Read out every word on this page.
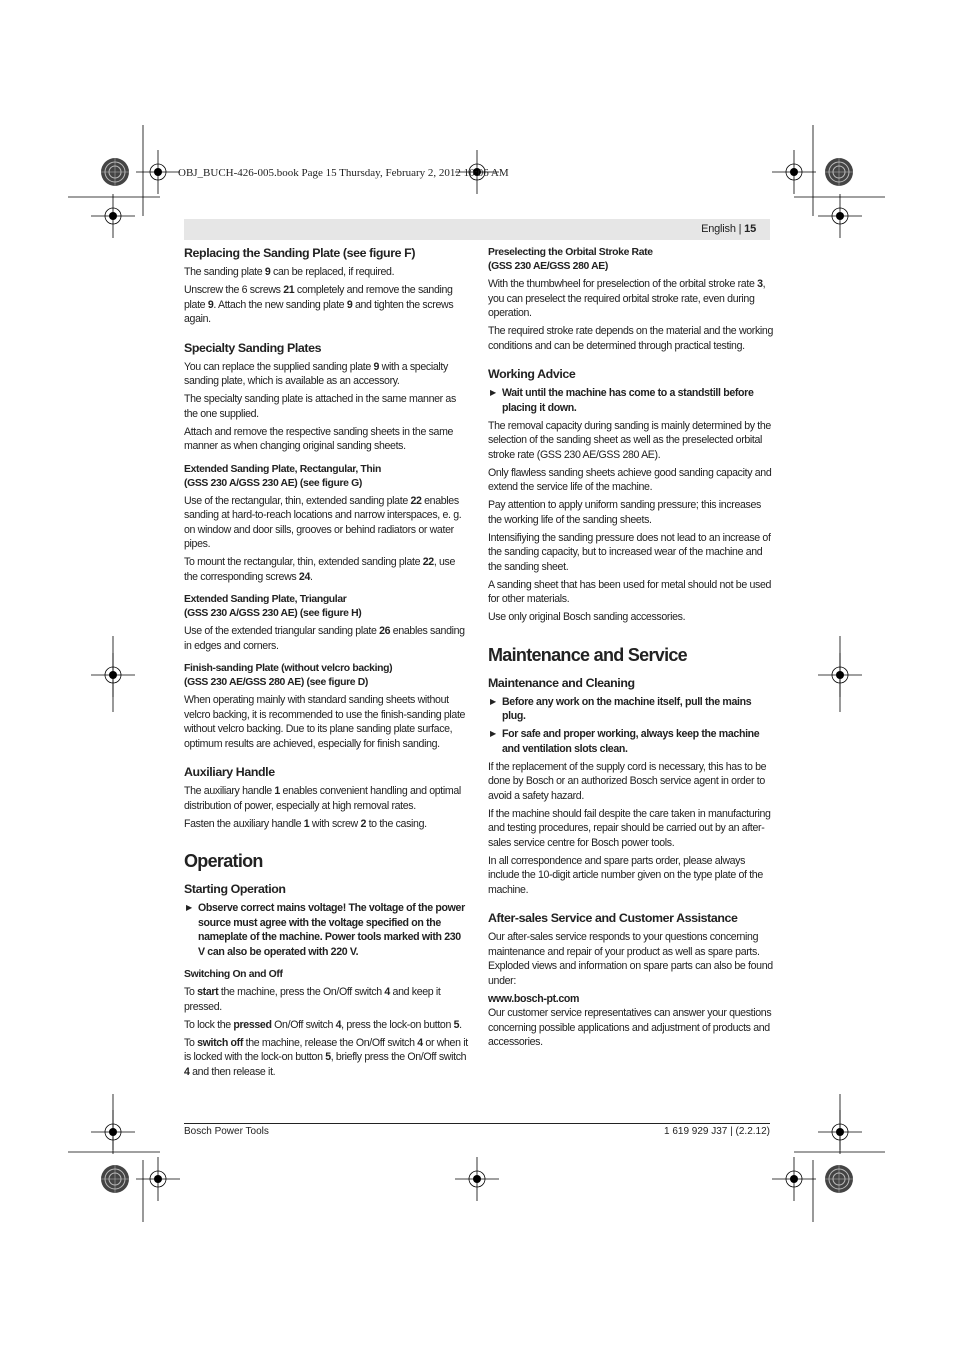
OBJ_BUCH-426-005.book Page 15 Thursday, February 2, 2012 10:06 AM
English | 15
Replacing the Sanding Plate (see figure F)

The sanding plate 9 can be replaced, if required.

Unscrew the 6 screws 21 completely and remove the sanding plate 9. Attach the new sanding plate 9 and tighten the screws again.

Specialty Sanding Plates

You can replace the supplied sanding plate 9 with a specialty sanding plate, which is available as an accessory.

The specialty sanding plate is attached in the same manner as the one supplied.

Attach and remove the respective sanding sheets in the same manner as when changing original sanding sheets.

Extended Sanding Plate, Rectangular, Thin
(GSS 230 A/GSS 230 AE) (see figure G)

Use of the rectangular, thin, extended sanding plate 22 enables sanding at hard-to-reach locations and narrow interspaces, e. g. on window and door sills, grooves or behind radiators or water pipes.

To mount the rectangular, thin, extended sanding plate 22, use the corresponding screws 24.

Extended Sanding Plate, Triangular
(GSS 230 A/GSS 230 AE) (see figure H)

Use of the extended triangular sanding plate 26 enables sanding in edges and corners.

Finish-sanding Plate (without velcro backing)
(GSS 230 AE/GSS 280 AE) (see figure D)

When operating mainly with standard sanding sheets without velcro backing, it is recommended to use the finish-sanding plate without velcro backing. Due to its plane sanding plate surface, optimum results are achieved, especially for finish sanding.

Auxiliary Handle

The auxiliary handle 1 enables convenient handling and optimal distribution of power, especially at high removal rates.

Fasten the auxiliary handle 1 with screw 2 to the casing.

Operation
Starting Operation

▶ Observe correct mains voltage! The voltage of the power source must agree with the voltage specified on the nameplate of the machine. Power tools marked with 230 V can also be operated with 220 V.

Switching On and Off

To start the machine, press the On/Off switch 4 and keep it pressed.

To lock the pressed On/Off switch 4, press the lock-on button 5.

To switch off the machine, release the On/Off switch 4 or when it is locked with the lock-on button 5, briefly press the On/Off switch 4 and then release it.

Preselecting the Orbital Stroke Rate
(GSS 230 AE/GSS 280 AE)

With the thumbwheel for preselection of the orbital stroke rate 3, you can preselect the required orbital stroke rate, even during operation.

The required stroke rate depends on the material and the working conditions and can be determined through practical testing.

Working Advice

▶ Wait until the machine has come to a standstill before placing it down.

The removal capacity during sanding is mainly determined by the selection of the sanding sheet as well as the preselected orbital stroke rate (GSS 230 AE/GSS 280 AE).

Only flawless sanding sheets achieve good sanding capacity and extend the service life of the machine.

Pay attention to apply uniform sanding pressure; this increases the working life of the sanding sheets.

Intensifiying the sanding pressure does not lead to an increase of the sanding capacity, but to increased wear of the machine and the sanding sheet.

A sanding sheet that has been used for metal should not be used for other materials.

Use only original Bosch sanding accessories.

Maintenance and Service
Maintenance and Cleaning

▶ Before any work on the machine itself, pull the mains plug.

▶ For safe and proper working, always keep the machine and ventilation slots clean.

If the replacement of the supply cord is necessary, this has to be done by Bosch or an authorized Bosch service agent in order to avoid a safety hazard.

If the machine should fail despite the care taken in manufacturing and testing procedures, repair should be carried out by an after-sales service centre for Bosch power tools.

In all correspondence and spare parts order, please always include the 10-digit article number given on the type plate of the machine.

After-sales Service and Customer Assistance

Our after-sales service responds to your questions concerning maintenance and repair of your product as well as spare parts. Exploded views and information on spare parts can also be found under:

www.bosch-pt.com

Our customer service representatives can answer your questions concerning possible applications and adjustment of products and accessories.

Bosch Power Tools	1 619 929 J37 | (2.2.12)
